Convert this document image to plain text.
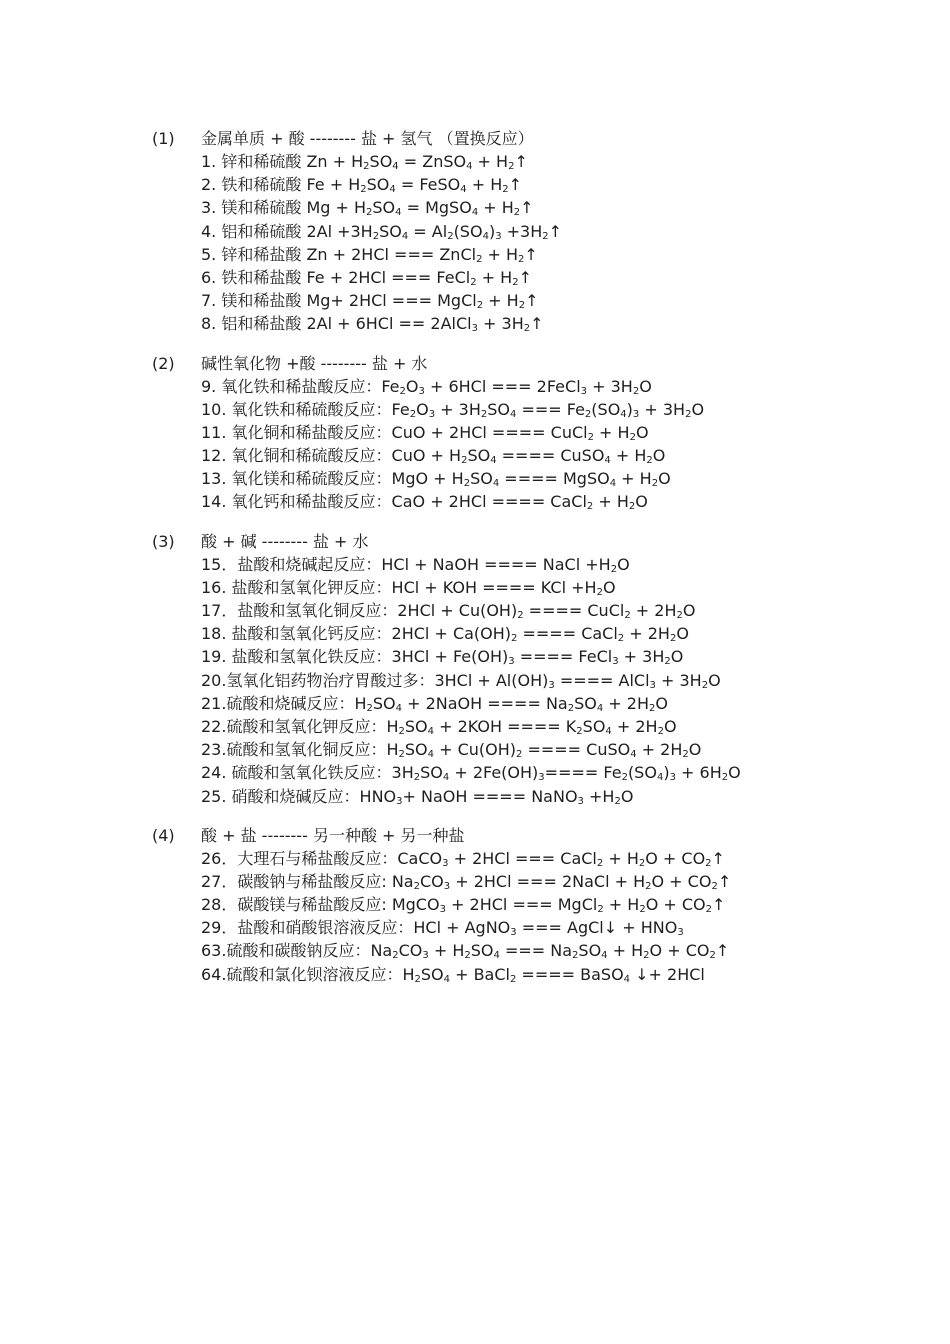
(1)	金属单质 + 酸 -------- 盐 + 氢气 （置换反应）
1. 锌和稀硫酸 $Zn + H_2SO_4$ = ZnSO$_4$ + $H_2↑$
2. 铁和稀硫酸 $Fe + H_2SO_4$ = FeSO$_4$ + $H_2↑$
3. 镁和稀硫酸 $Mg + H_2SO_4$ = MgSO$_4$ + $H_2↑$
4. 铝和稀硫酸 $2Al +3H_2SO_4 = Al_2(SO_4)_3$ $+3H_2↑$
5. 锌和稀盐酸 Zn + 2HCl === ZnCl$_2$ + $H_2↑$
6. 铁和稀盐酸 Fe + 2HCl === FeCl$_2$ + $H_2↑$
7. 镁和稀盐酸 Mg+ 2HCl === MgCl$_2$ + $H_2↑$
8. 铝和稀盐酸 2Al + 6HCl == 2AlCl$_3$ + $3H_2↑$
(2)	碱性氧化物 +酸 -------- 盐 + 水
9. 氧化铁和稀盐酸反应：$Fe_2O_3 + 6HCl$ === 2FeCl$_3$ + $3H_2O$
10. 氧化铁和稀硫酸反应：$Fe_2O_3 + 3H_2SO_4$ === $Fe_2(SO_4)_3 + 3H_2O$
11. 氧化铜和稀盐酸反应：CuO + 2HCl ==== CuCl$_2$ + $H_2O$
12. 氧化铜和稀硫酸反应：CuO + $H_2SO_4$ ==== CuSO$_4$ + $H_2O$
13. 氧化镁和稀硫酸反应：MgO + $H_2SO_4$ ==== MgSO$_4$ + $H_2O$
14. 氧化钙和稀盐酸反应：CaO + 2HCl ==== CaCl$_2$ + $H_2O$
(3)	酸 + 碱 -------- 盐 + 水
15．盐酸和烧碱起反应：HCl + NaOH ==== NaCl $+H_2O$
16. 盐酸和氢氧化钾反应：HCl + KOH ==== KCl $+H_2O$
17．盐酸和氢氧化铜反应：$2HCl + Cu(OH)_2$ ==== CuCl$_2$ + $2H_2O$
18. 盐酸和氢氧化钙反应：$2HCl + Ca(OH)_2$ ==== CaCl$_2$ + $2H_2O$
19. 盐酸和氢氧化铁反应：$3HCl + Fe(OH)_3$ ==== FeCl$_3$ + $3H_2O$
20.氢氧化铝药物治疗胃酸过多：$3HCl + Al(OH)_3$ ==== AlCl$_3$ + $3H_2O$
21.硫酸和烧碱反应：$H_2SO_4$ + 2NaOH ==== $Na_2SO_4 + 2H_2O$
22.硫酸和氢氧化钾反应：$H_2SO_4 + 2KOH$ ==== $K_2SO_4 + 2H_2O$
23.硫酸和氢氧化铜反应：$H_2SO_4 + Cu(OH)_2$ ==== CuSO$_4$ + $2H_2O$
24. 硫酸和氢氧化铁反应：$3H_2SO_4 + 2Fe(OH)_3==== Fe_2(SO_4)_3 + 6H_2O$
25. 硝酸和烧碱反应：$HNO_3+$ NaOH ==== NaNO$_3$ $+H_2O$
(4)	酸 + 盐 -------- 另一种酸 + 另一种盐
26．大理石与稀盐酸反应：CaCO$_3$ + 2HCl === CaCl$_2$ + $H_2O$ + $CO_2↑$
27．碳酸钠与稀盐酸反应: $Na_2CO_3 + 2HCl$ === 2NaCl + $H_2O$ + $CO_2↑$
28．碳酸镁与稀盐酸反应: MgCO$_3$ + 2HCl === MgCl$_2$ + $H_2O$ + $CO_2↑$
29．盐酸和硝酸银溶液反应：HCl + AgNO$_3$ === AgCl↓ + $HNO_3$
63.硫酸和碳酸钠反应：$Na_2CO_3 + H_2SO_4$ === $Na_2SO_4 + H_2O$ + $CO_2↑$
64.硫酸和氯化钡溶液反应：$H_2SO_4$ + BaCl$_2$ ==== BaSO$_4$ ↓+ 2HCl
